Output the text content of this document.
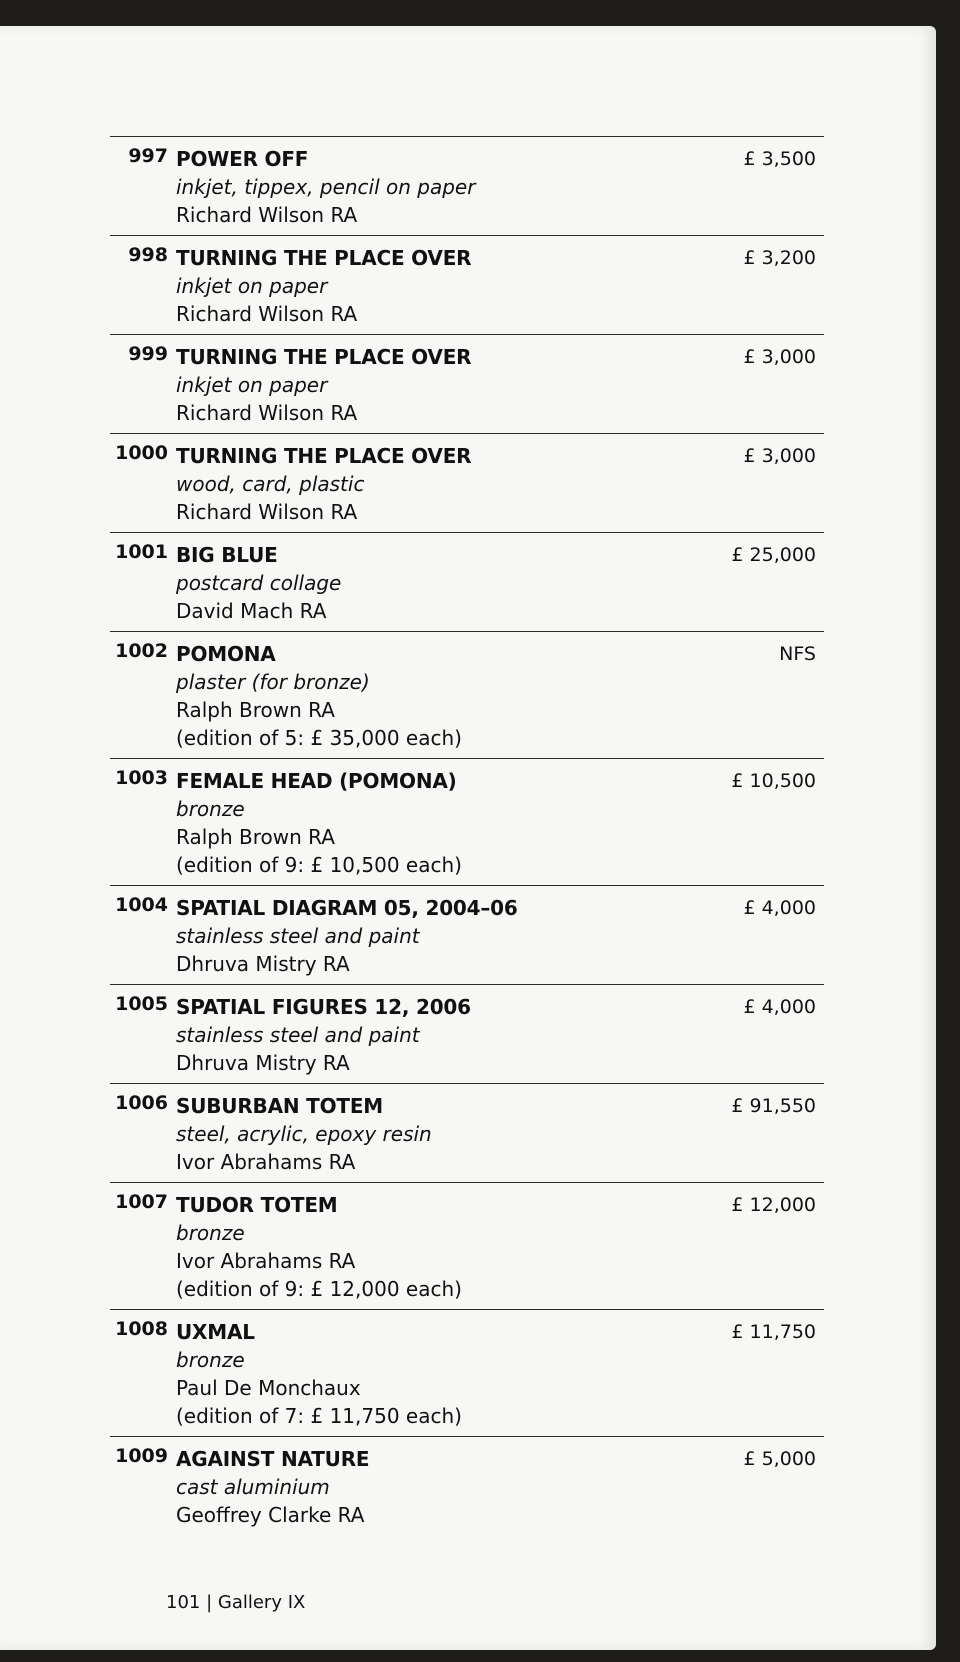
997 POWER OFF
inkjet, tippex, pencil on paper
Richard Wilson RA
£ 3,500
998 TURNING THE PLACE OVER
inkjet on paper
Richard Wilson RA
£ 3,200
999 TURNING THE PLACE OVER
inkjet on paper
Richard Wilson RA
£ 3,000
1000 TURNING THE PLACE OVER
wood, card, plastic
Richard Wilson RA
£ 3,000
1001 BIG BLUE
postcard collage
David Mach RA
£ 25,000
1002 POMONA
plaster (for bronze)
Ralph Brown RA
(edition of 5: £ 35,000 each)
NFS
1003 FEMALE HEAD (POMONA)
bronze
Ralph Brown RA
(edition of 9: £ 10,500 each)
£ 10,500
1004 SPATIAL DIAGRAM 05, 2004–06
stainless steel and paint
Dhruva Mistry RA
£ 4,000
1005 SPATIAL FIGURES 12, 2006
stainless steel and paint
Dhruva Mistry RA
£ 4,000
1006 SUBURBAN TOTEM
steel, acrylic, epoxy resin
Ivor Abrahams RA
£ 91,550
1007 TUDOR TOTEM
bronze
Ivor Abrahams RA
(edition of 9: £ 12,000 each)
£ 12,000
1008 UXMAL
bronze
Paul De Monchaux
(edition of 7: £ 11,750 each)
£ 11,750
1009 AGAINST NATURE
cast aluminium
Geoffrey Clarke RA
£ 5,000
101 | Gallery IX
